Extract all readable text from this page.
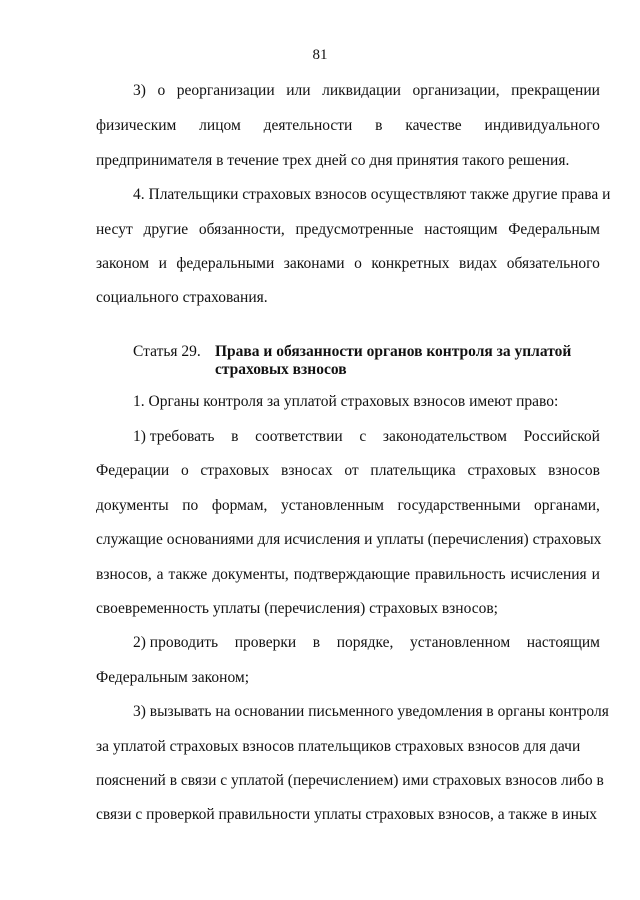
81
3) о реорганизации или ликвидации организации, прекращении
физическим лицом деятельности в качестве индивидуального
предпринимателя в течение трех дней со дня принятия такого решения.
4. Плательщики страховых взносов осуществляют также другие права и
несут другие обязанности, предусмотренные настоящим Федеральным
законом и федеральными законами о конкретных видах обязательного
социального страхования.
Статья 29. Права и обязанности органов контроля за уплатой
страховых взносов
1. Органы контроля за уплатой страховых взносов имеют право:
1) требовать в соответствии с законодательством Российской
Федерации о страховых взносах от плательщика страховых взносов
документы по формам, установленным государственными органами,
служащие основаниями для исчисления и уплаты (перечисления) страховых
взносов, а также документы, подтверждающие правильность исчисления и
своевременность уплаты (перечисления) страховых взносов;
2) проводить проверки в порядке, установленном настоящим
Федеральным законом;
3) вызывать на основании письменного уведомления в органы контроля
за уплатой страховых взносов плательщиков страховых взносов для дачи
пояснений в связи с уплатой (перечислением) ими страховых взносов либо в
связи с проверкой правильности уплаты страховых взносов, а также в иных
